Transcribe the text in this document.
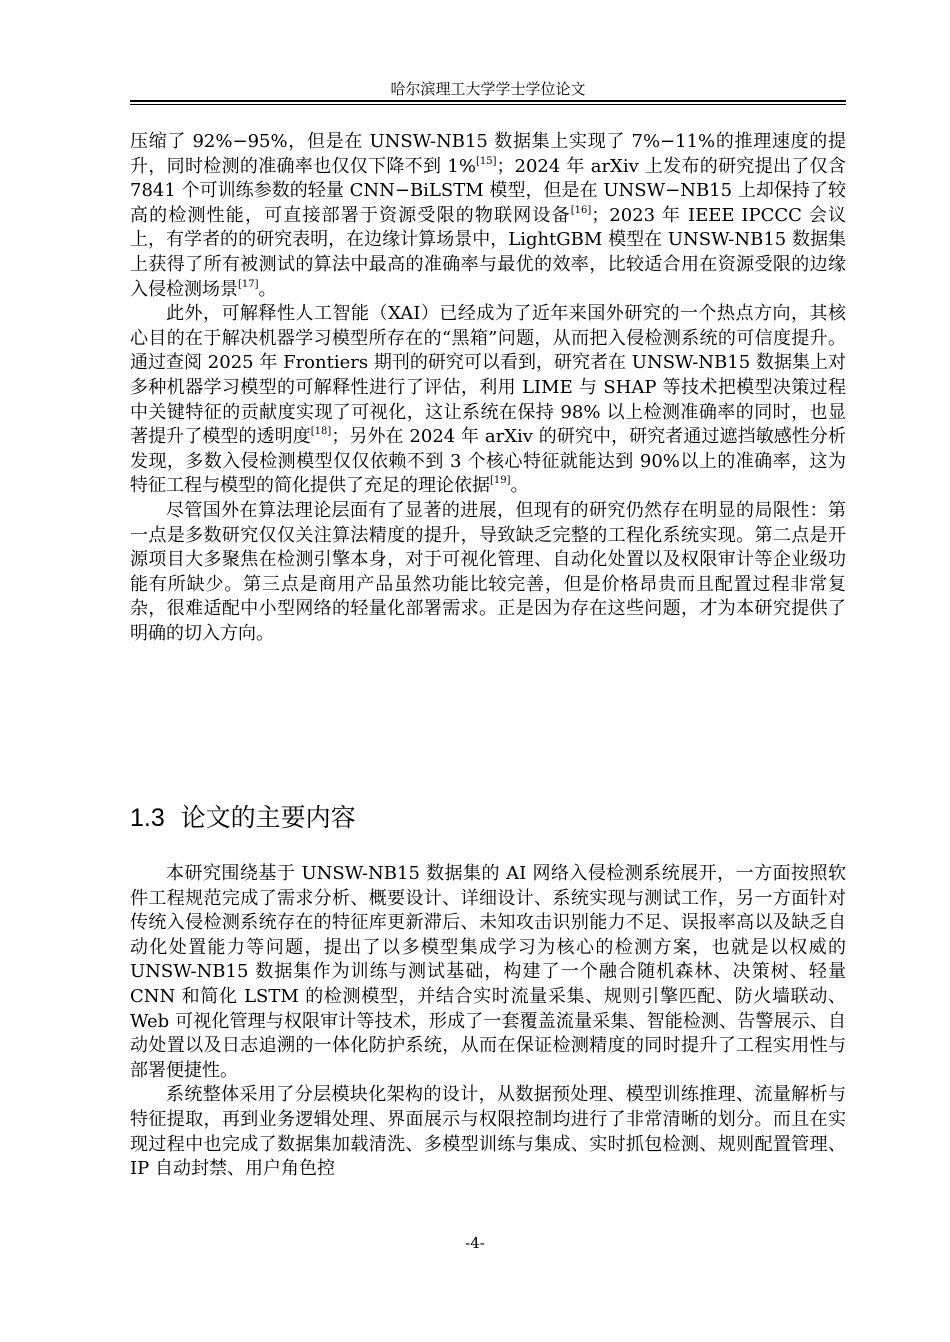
哈尔滨理工大学学士学位论文

压缩了 92%−95%，但是在 UNSW-NB15 数据集上实现了 7%−11%的推理速度的提升，同时检测的准确率也仅仅下降不到 1%[15]；2024 年 arXiv 上发布的研究提出了仅含 7841 个可训练参数的轻量 CNN−BiLSTM 模型，但是在 UNSW−NB15 上却保持了较高的检测性能，可直接部署于资源受限的物联网设备[16]；2023 年 IEEE IPCCC 会议上，有学者的的研究表明，在边缘计算场景中，LightGBM 模型在 UNSW-NB15 数据集上获得了所有被测试的算法中最高的准确率与最优的效率，比较适合用在资源受限的边缘入侵检测场景[17]。

此外，可解释性人工智能（XAI）已经成为了近年来国外研究的一个热点方向，其核心目的在于解决机器学习模型所存在的“黑箱”问题，从而把入侵检测系统的可信度提升。通过查阅 2025 年 Frontiers 期刊的研究可以看到，研究者在 UNSW-NB15 数据集上对多种机器学习模型的可解释性进行了评估，利用 LIME 与 SHAP 等技术把模型决策过程中关键特征的贡献度实现了可视化，这让系统在保持 98% 以上检测准确率的同时，也显著提升了模型的透明度[18]；另外在 2024 年 arXiv 的研究中，研究者通过遮挡敏感性分析发现，多数入侵检测模型仅仅依赖不到 3 个核心特征就能达到 90%以上的准确率，这为特征工程与模型的简化提供了充足的理论依据[19]。

尽管国外在算法理论层面有了显著的进展，但现有的研究仍然存在明显的局限性：第一点是多数研究仅仅关注算法精度的提升，导致缺乏完整的工程化系统实现。第二点是开源项目大多聚焦在检测引擎本身，对于可视化管理、自动化处置以及权限审计等企业级功能有所缺少。第三点是商用产品虽然功能比较完善，但是价格昂贵而且配置过程非常复杂，很难适配中小型网络的轻量化部署需求。正是因为存在这些问题，才为本研究提供了明确的切入方向。

1.3 论文的主要内容

本研究围绕基于 UNSW-NB15 数据集的 AI 网络入侵检测系统展开，一方面按照软件工程规范完成了需求分析、概要设计、详细设计、系统实现与测试工作，另一方面针对传统入侵检测系统存在的特征库更新滞后、未知攻击识别能力不足、误报率高以及缺乏自动化处置能力等问题，提出了以多模型集成学习为核心的检测方案，也就是以权威的 UNSW-NB15 数据集作为训练与测试基础，构建了一个融合随机森林、决策树、轻量 CNN 和简化 LSTM 的检测模型，并结合实时流量采集、规则引擎匹配、防火墙联动、Web 可视化管理与权限审计等技术，形成了一套覆盖流量采集、智能检测、告警展示、自动处置以及日志追溯的一体化防护系统，从而在保证检测精度的同时提升了工程实用性与部署便捷性。

系统整体采用了分层模块化架构的设计，从数据预处理、模型训练推理、流量解析与特征提取，再到业务逻辑处理、界面展示与权限控制均进行了非常清晰的划分。而且在实现过程中也完成了数据集加载清洗、多模型训练与集成、实时抓包检测、规则配置管理、IP 自动封禁、用户角色控

-4-
